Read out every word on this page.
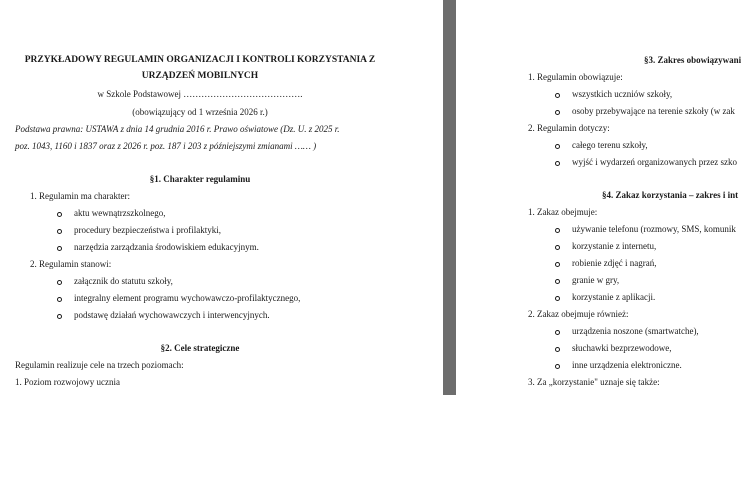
PRZYKŁADOWY REGULAMIN ORGANIZACJI I KONTROLI KORZYSTANIA Z
URZĄDZEŃ MOBILNYCH
w Szkole Podstawowej ………………………………….
(obowiązujący od 1 września 2026 r.)
Podstawa prawna: USTAWA z dnia 14 grudnia 2016 r. Prawo oświatowe (Dz. U. z 2025 r.
poz. 1043, 1160 i 1837 oraz z 2026 r. poz. 187 i 203 z późniejszymi zmianami …… )
§1. Charakter regulaminu
1. Regulamin ma charakter:
aktu wewnątrzszkolnego,
procedury bezpieczeństwa i profilaktyki,
narzędzia zarządzania środowiskiem edukacyjnym.
2. Regulamin stanowi:
załącznik do statutu szkoły,
integralny element programu wychowawczo-profilaktycznego,
podstawę działań wychowawczych i interwencyjnych.
§2. Cele strategiczne
Regulamin realizuje cele na trzech poziomach:
1. Poziom rozwojowy ucznia
§3. Zakres obowiązywani
1. Regulamin obowiązuje:
wszystkich uczniów szkoły,
osoby przebywające na terenie szkoły (w zak
2. Regulamin dotyczy:
całego terenu szkoły,
wyjść i wydarzeń organizowanych przez szko
§4. Zakaz korzystania – zakres i int
1. Zakaz obejmuje:
używanie telefonu (rozmowy, SMS, komunik
korzystanie z internetu,
robienie zdjęć i nagrań,
granie w gry,
korzystanie z aplikacji.
2. Zakaz obejmuje również:
urządzenia noszone (smartwatche),
słuchawki bezprzewodowe,
inne urządzenia elektroniczne.
3. Za „korzystanie" uznaje się także:
